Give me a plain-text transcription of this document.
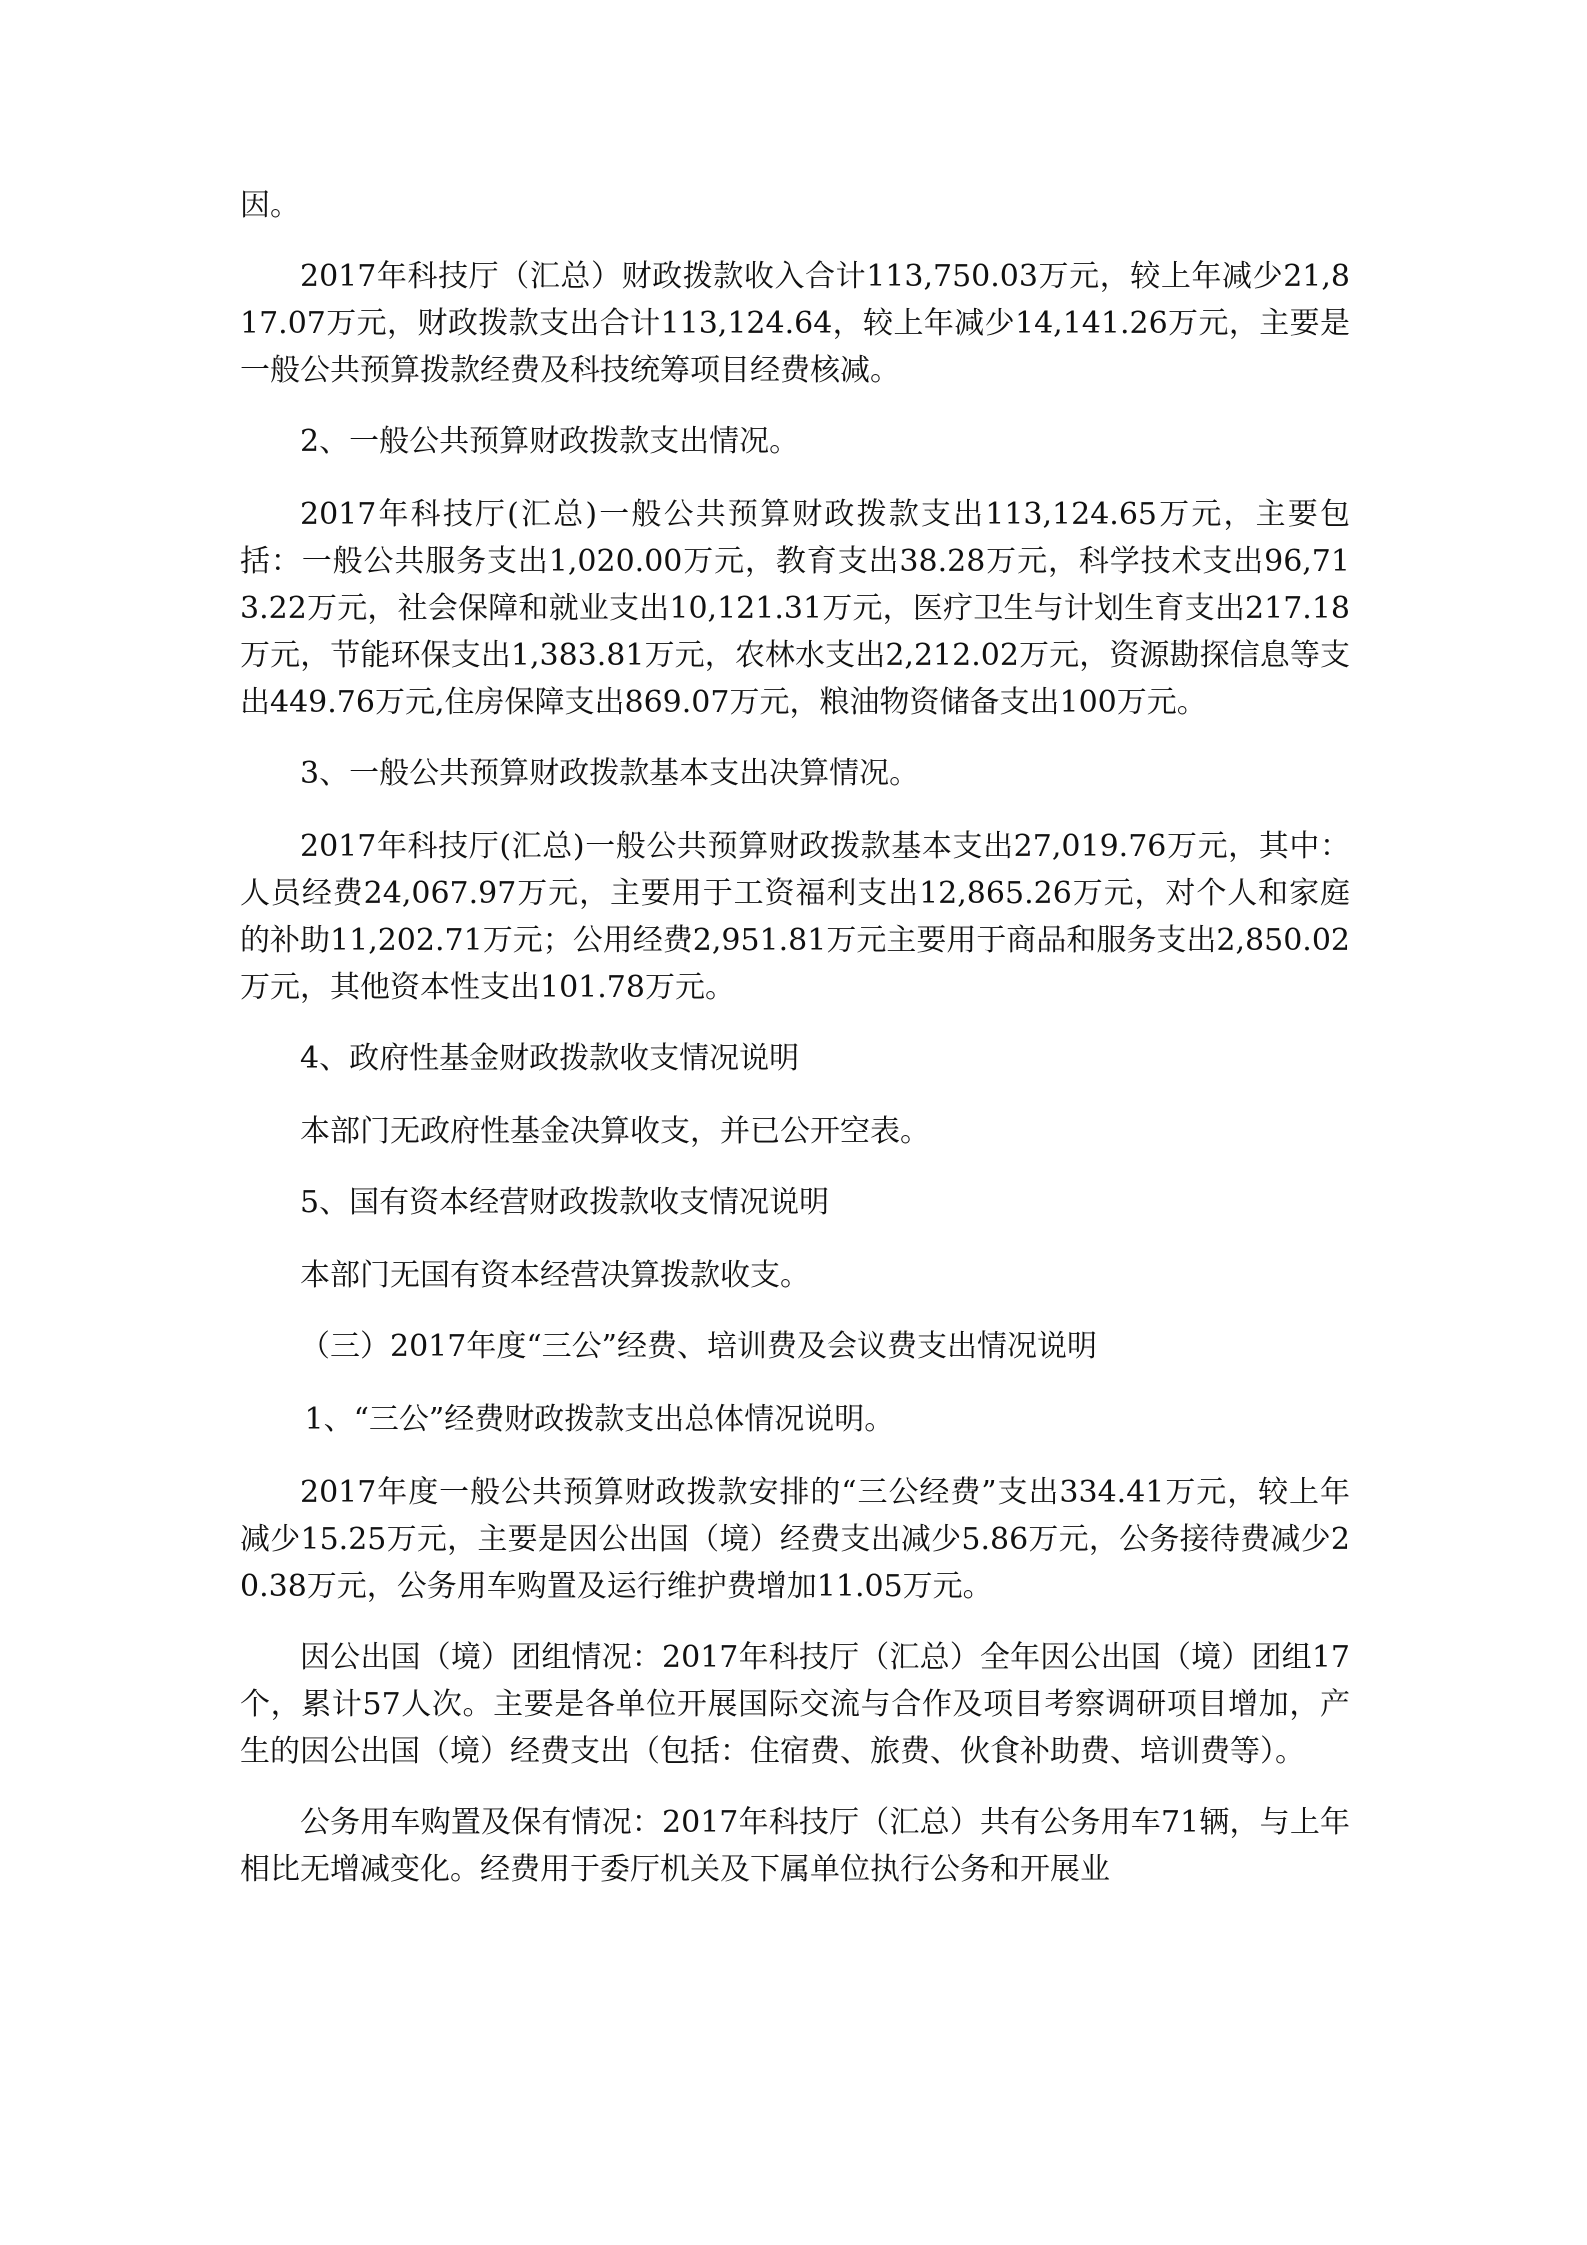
因。

2017年科技厅（汇总）财政拨款收入合计113,750.03万元，较上年减少21,817.07万元，财政拨款支出合计113,124.64，较上年减少14,141.26万元，主要是一般公共预算拨款经费及科技统筹项目经费核减。

2、一般公共预算财政拨款支出情况。

2017年科技厅(汇总)一般公共预算财政拨款支出113,124.65万元，主要包括：一般公共服务支出1,020.00万元，教育支出38.28万元，科学技术支出96,713.22万元，社会保障和就业支出10,121.31万元，医疗卫生与计划生育支出217.18万元，节能环保支出1,383.81万元，农林水支出2,212.02万元，资源勘探信息等支出449.76万元,住房保障支出869.07万元，粮油物资储备支出100万元。

3、一般公共预算财政拨款基本支出决算情况。

2017年科技厅(汇总)一般公共预算财政拨款基本支出27,019.76万元，其中：人员经费24,067.97万元，主要用于工资福利支出12,865.26万元，对个人和家庭的补助11,202.71万元；公用经费2,951.81万元主要用于商品和服务支出2,850.02万元，其他资本性支出101.78万元。

4、政府性基金财政拨款收支情况说明

本部门无政府性基金决算收支，并已公开空表。

5、国有资本经营财政拨款收支情况说明

本部门无国有资本经营决算拨款收支。

（三）2017年度“三公”经费、培训费及会议费支出情况说明

1、“三公”经费财政拨款支出总体情况说明。

2017年度一般公共预算财政拨款安排的“三公经费”支出334.41万元，较上年减少15.25万元，主要是因公出国（境）经费支出减少5.86万元，公务接待费减少20.38万元，公务用车购置及运行维护费增加11.05万元。

因公出国（境）团组情况：2017年科技厅（汇总）全年因公出国（境）团组17个，累计57人次。主要是各单位开展国际交流与合作及项目考察调研项目增加，产生的因公出国（境）经费支出（包括：住宿费、旅费、伙食补助费、培训费等）。

公务用车购置及保有情况：2017年科技厅（汇总）共有公务用车71辆，与上年相比无增减变化。经费用于委厅机关及下属单位执行公务和开展业
